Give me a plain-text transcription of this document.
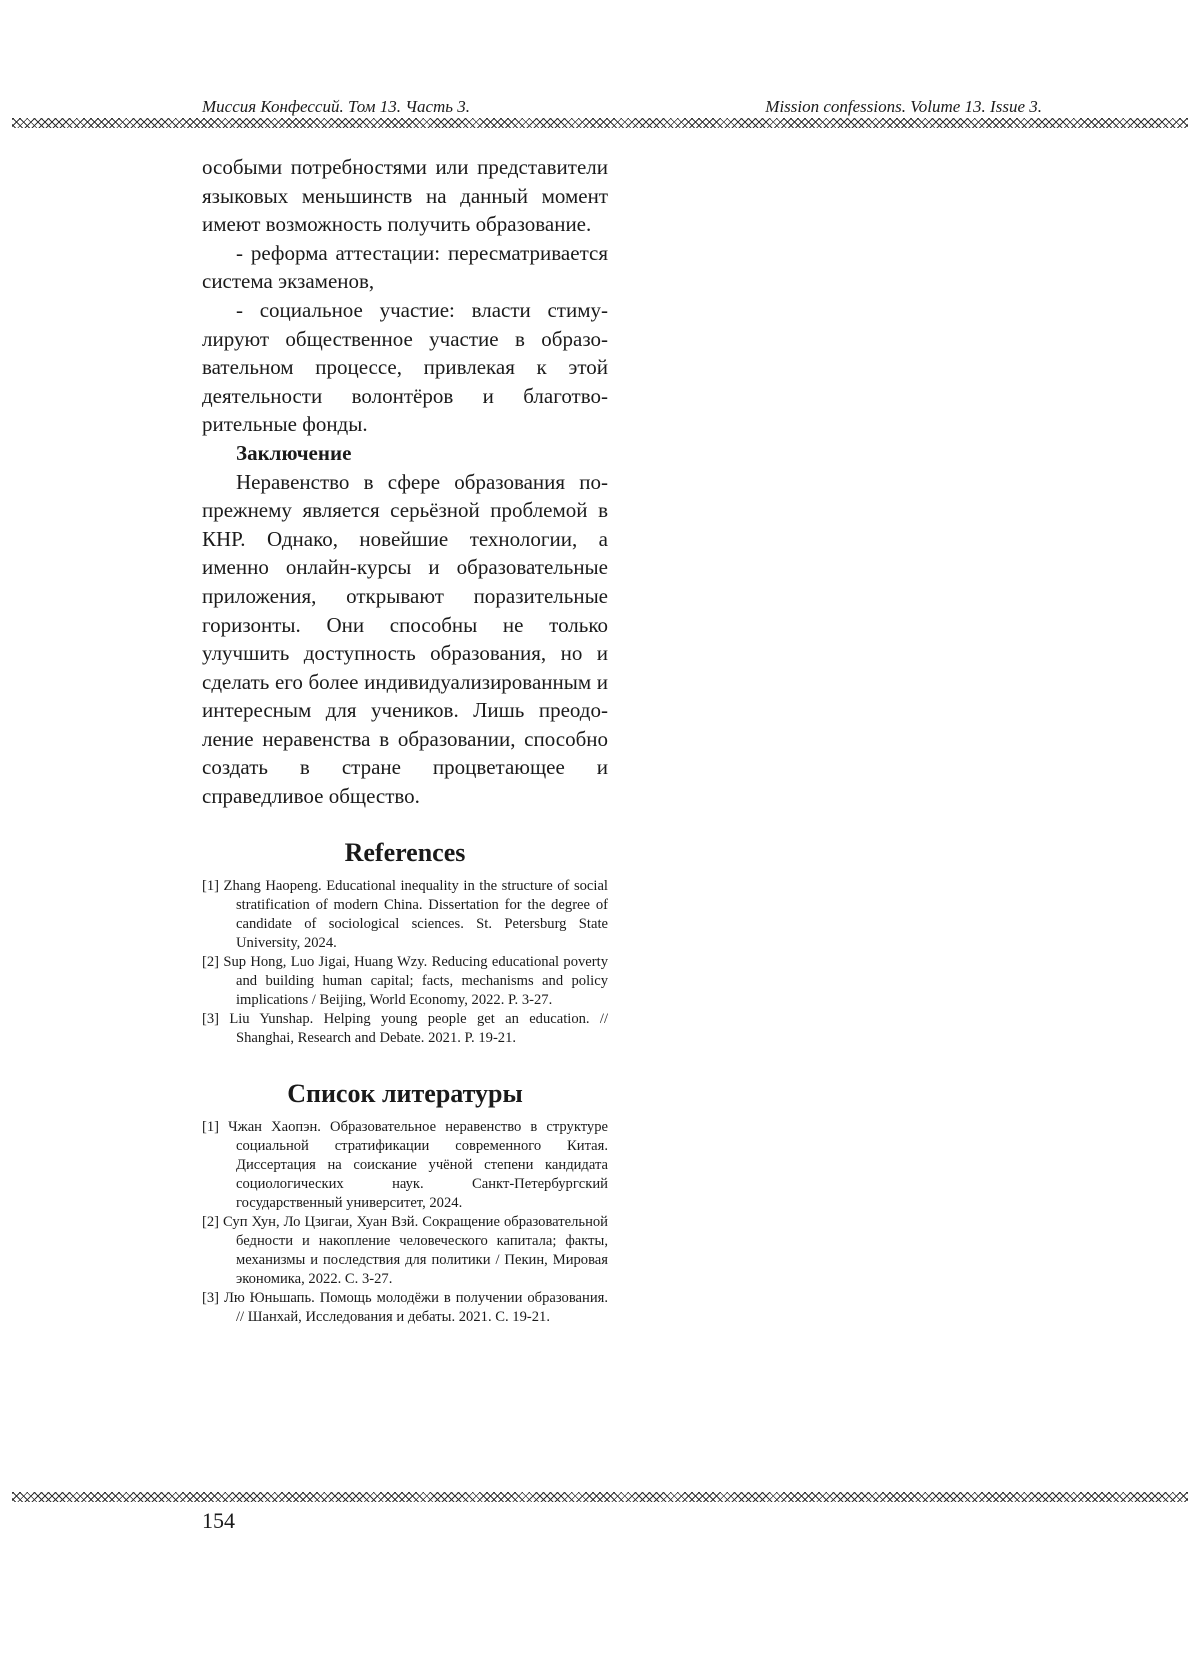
Миссия Конфессий. Том 13. Часть 3.	Mission confessions. Volume 13. Issue 3.

особыми потребностями или представители языковых меньшинств на данный момент имеют возможность получить образование.

- реформа аттестации: пересматривается система экзаменов,

- социальное участие: власти стимулируют общественное участие в образовательном процессе, привлекая к этой деятельности волонтёров и благотворительные фонды.

Заключение

Неравенство в сфере образования по-прежнему является серьёзной проблемой в КНР. Однако, новейшие технологии, а именно онлайн-курсы и образовательные приложения, открывают поразительные горизонты. Они способны не только улучшить доступность образования, но и сделать его более индивидуализированным и интересным для учеников. Лишь преодоление неравенства в образовании, способно создать в стране процветающее и справедливое общество.

References
[1] Zhang Haopeng. Educational inequality in the structure of social stratification of modern China. Dissertation for the degree of candidate of sociological sciences. St. Petersburg State University, 2024.
[2] Sup Hong, Luo Jigai, Huang Wzy. Reducing educational poverty and building human capital; facts, mechanisms and policy implications / Beijing, World Economy, 2022. P. 3-27.
[3] Liu Yunshap. Helping young people get an education. // Shanghai, Research and Debate. 2021. P. 19-21.
Список литературы
[1] Чжан Хаопэн. Образовательное неравенство в структуре социальной стратификации современного Китая. Диссертация на соискание учёной степени кандидата социологических наук. Санкт-Петербургский государственный университет, 2024.
[2] Суп Хун, Ло Цзигаи, Хуан Взй. Сокращение образовательной бедности и накопление человеческого капитала; факты, механизмы и последствия для политики / Пекин, Мировая экономика, 2022. С. 3-27.
[3] Лю Юньшапь. Помощь молодёжи в получении образования. // Шанхай, Исследования и дебаты. 2021. С. 19-21.
154
